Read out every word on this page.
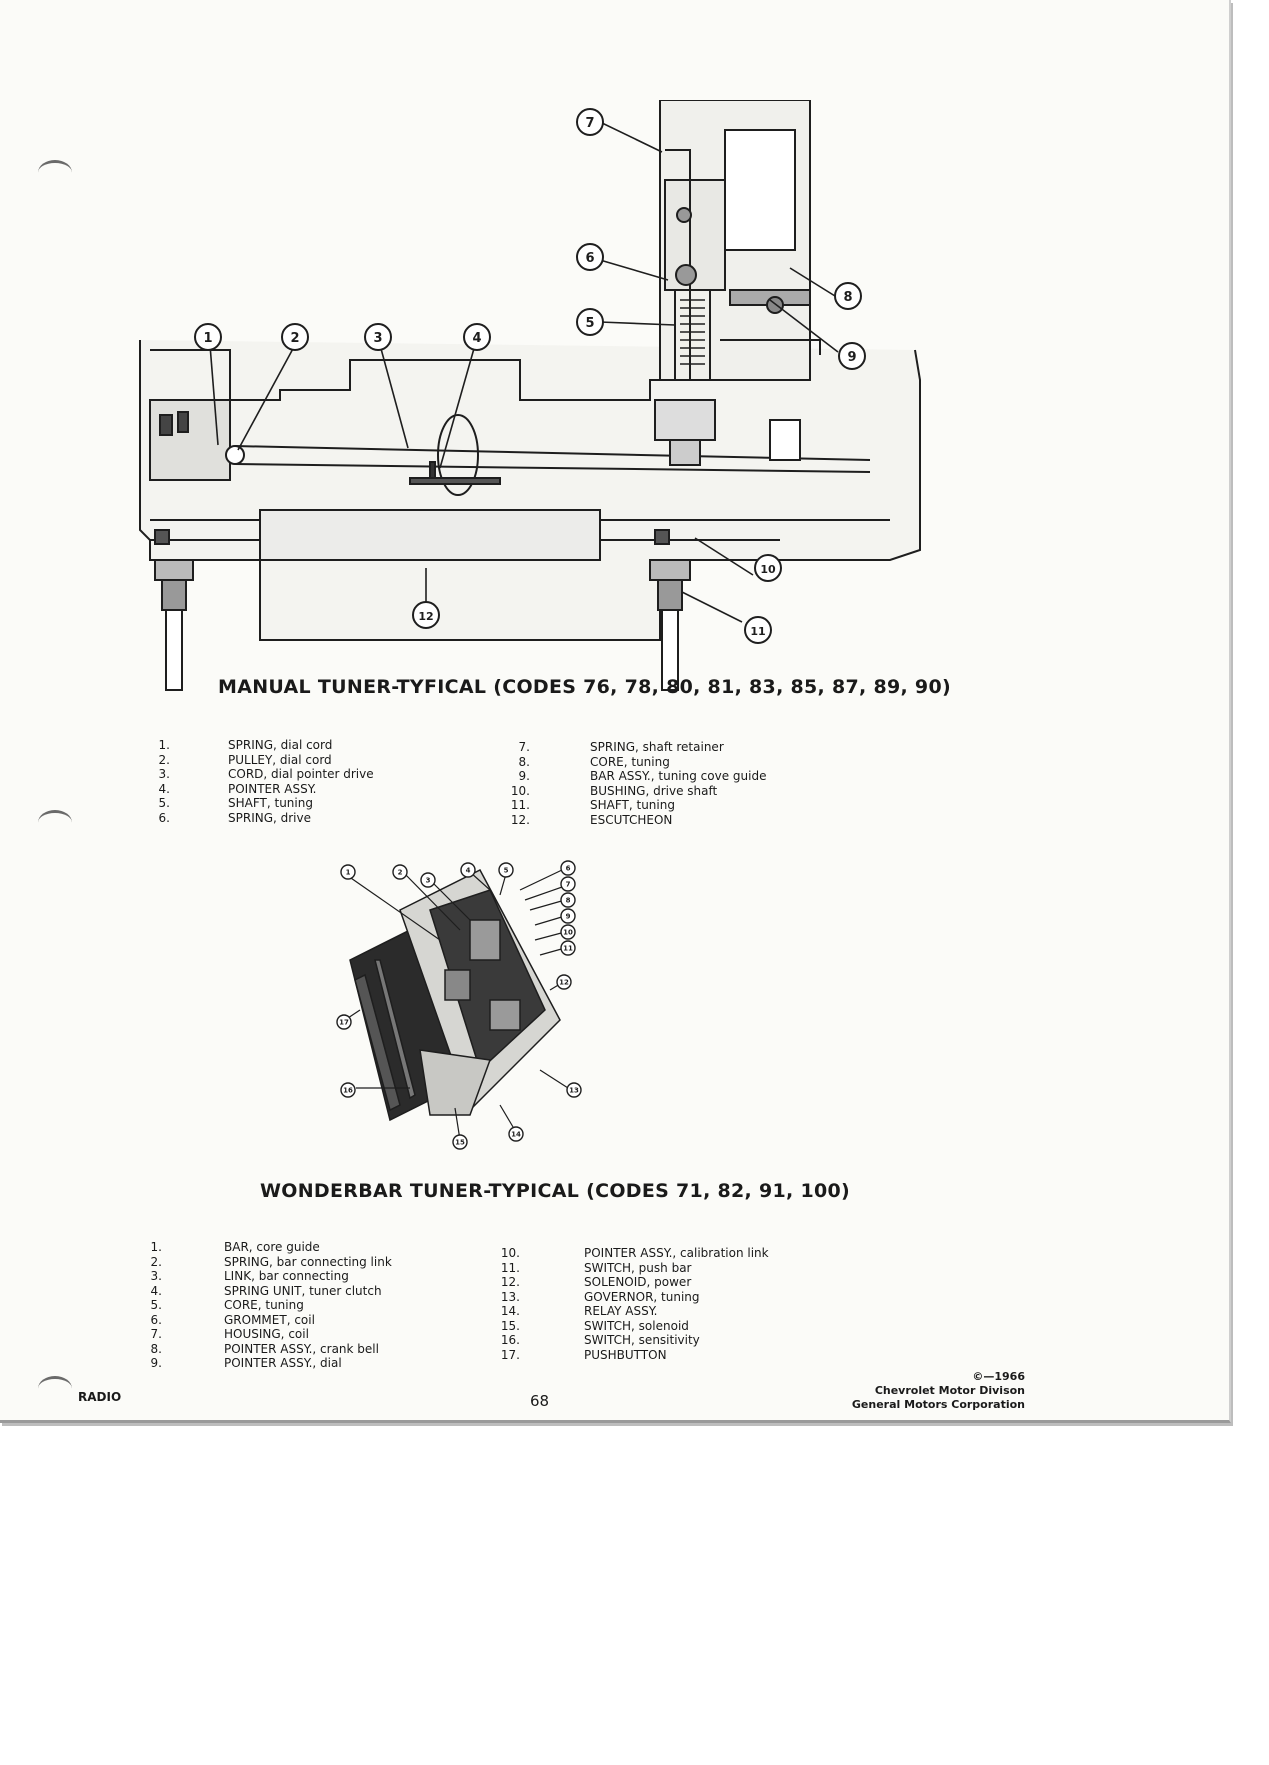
1	2	3	4
5
6
7
8
9
10
11
12
MANUAL TUNER-TYFICAL (CODES 76, 78, 80, 81, 83, 85, 87, 89, 90)
1.	SPRING, dial cord
2.	PULLEY, dial cord
3.	CORD, dial pointer drive
4.	POINTER ASSY.
5.	SHAFT, tuning
6.	SPRING, drive
7.	SPRING, shaft retainer
8.	CORE, tuning
9.	BAR ASSY., tuning cove guide
10.	BUSHING, drive shaft
11.	SHAFT, tuning
12.	ESCUTCHEON
1	2
3
4	5	6
7
8
9
10
11
12
13
14
15
16
17
WONDERBAR TUNER-TYPICAL (CODES 71, 82, 91, 100)
1.	BAR, core guide
2.	SPRING, bar connecting link
3.	LINK, bar connecting
4.	SPRING UNIT, tuner clutch
5.	CORE, tuning
6.	GROMMET, coil
7.	HOUSING, coil
8.	POINTER ASSY., crank bell
9.	POINTER ASSY., dial
10.	POINTER ASSY., calibration link
11.	SWITCH, push bar
12.	SOLENOID, power
13.	GOVERNOR, tuning
14.	RELAY ASSY.
15.	SWITCH, solenoid
16.	SWITCH, sensitivity
17.	PUSHBUTTON
RADIO	68
©—1966
Chevrolet Motor Divison
General Motors Corporation
